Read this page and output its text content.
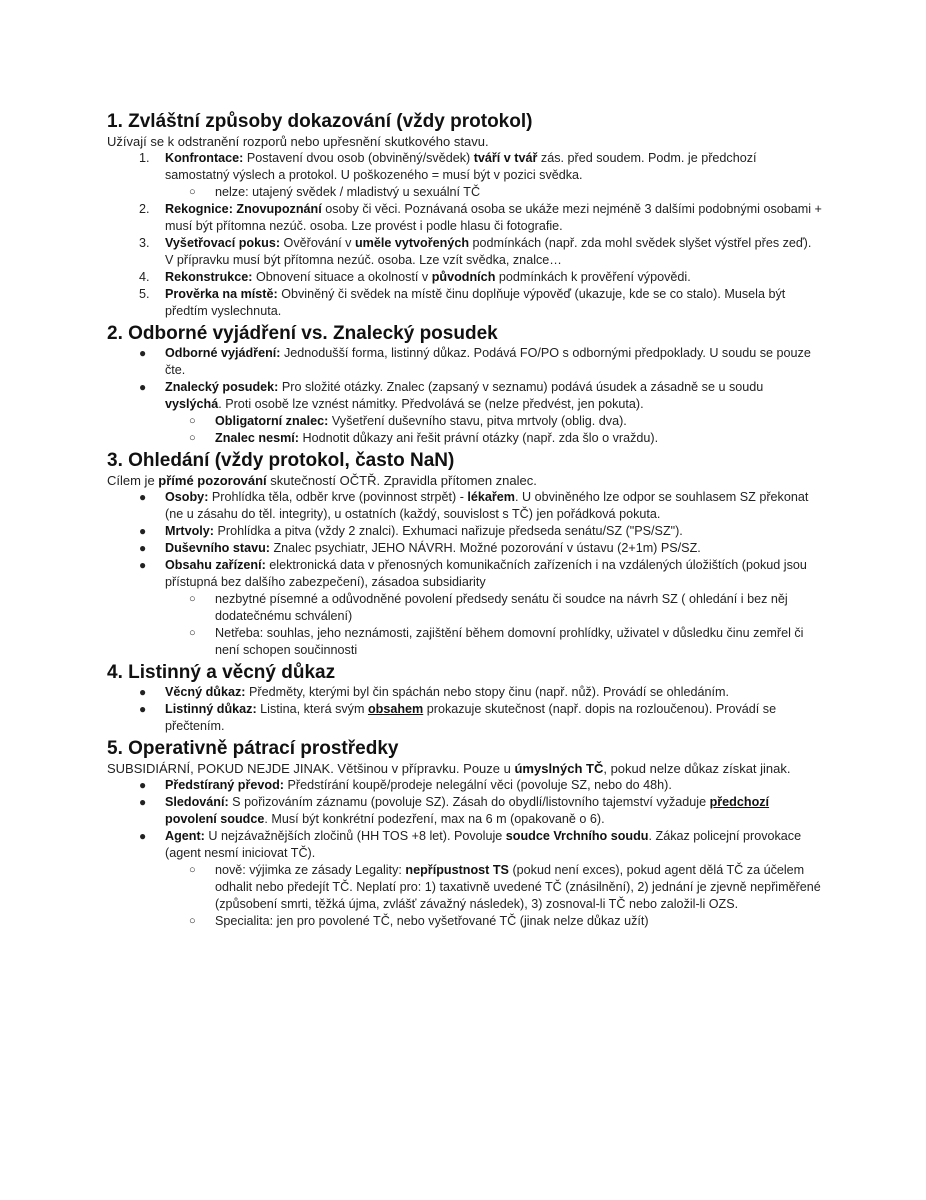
1. Zvláštní způsoby dokazování (vždy protokol)

Užívají se k odstranění rozporů nebo upřesnění skutkového stavu.

1.	Konfrontace: Postavení dvou osob (obviněný/svědek) tváří v tvář zás. před soudem. Podm. je předchozí samostatný výslech a protokol. U poškozeného = musí být v pozici svědka.
○ nelze: utajený svědek / mladistvý u sexuální TČ
2.	Rekognice: Znovupoznání osoby či věci. Poznávaná osoba se ukáže mezi nejméně 3 dalšími podobnými osobami + musí být přítomna nezúč. osoba. Lze provést i podle hlasu či fotografie.
3.	Vyšetřovací pokus: Ověřování v uměle vytvořených podmínkách (např. zda mohl svědek slyšet výstřel přes zeď). V přípravku musí být přítomna nezúč. osoba. Lze vzít svědka, znalce…
4.	Rekonstrukce: Obnovení situace a okolností v původních podmínkách k prověření výpovědi.
5.	Prověrka na místě: Obviněný či svědek na místě činu doplňuje výpověď (ukazuje, kde se co stalo). Musela být předtím vyslechnuta.
2. Odborné vyjádření vs. Znalecký posudek
● Odborné vyjádření: Jednodušší forma, listinný důkaz. Podává FO/PO s odbornými předpoklady. U soudu se pouze čte.
● Znalecký posudek: Pro složité otázky. Znalec (zapsaný v seznamu) podává úsudek a zásadně se u soudu vyslýchá. Proti osobě lze vznést námitky. Předvolává se (nelze předvést, jen pokuta).
○ Obligatorní znalec: Vyšetření duševního stavu, pitva mrtvoly (oblig. dva).
○ Znalec nesmí: Hodnotit důkazy ani řešit právní otázky (např. zda šlo o vraždu).
3. Ohledání (vždy protokol, často NaN)

Cílem je přímé pozorování skutečností OČTŘ. Zpravidla přítomen znalec.

● Osoby: Prohlídka těla, odběr krve (povinnost strpět) - lékařem. U obviněného lze odpor se souhlasem SZ překonat (ne u zásahu do těl. integrity), u ostatních (každý, souvislost s TČ) jen pořádková pokuta.
● Mrtvoly: Prohlídka a pitva (vždy 2 znalci). Exhumaci nařizuje předseda senátu/SZ ("PS/SZ").
● Duševního stavu: Znalec psychiatr, JEHO NÁVRH. Možné pozorování v ústavu (2+1m) PS/SZ.
● Obsahu zařízení: elektronická data v přenosných komunikačních zařízeních i na vzdálených úložištích (pokud jsou přístupná bez dalšího zabezpečení), zásadoa subsidiarity
○ nezbytné písemné a odůvodněné povolení předsedy senátu či soudce na návrh SZ ( ohledání i bez něj dodatečnému schválení)
○ Netřeba: souhlas, jeho neznámosti, zajištění během domovní prohlídky, uživatel v důsledku činu zemřel či není schopen součinnosti
4. Listinný a věcný důkaz
● Věcný důkaz: Předměty, kterými byl čin spáchán nebo stopy činu (např. nůž). Provádí se ohledáním.
● Listinný důkaz: Listina, která svým obsahem prokazuje skutečnost (např. dopis na rozloučenou). Provádí se přečtením.
5. Operativně pátrací prostředky

SUBSIDIÁRNÍ, POKUD NEJDE JINAK. Většinou v přípravku. Pouze u úmyslných TČ, pokud nelze důkaz získat jinak.

● Předstíraný převod: Předstírání koupě/prodeje nelegální věci (povoluje SZ, nebo do 48h).
● Sledování: S pořizováním záznamu (povoluje SZ). Zásah do obydlí/listovního tajemství vyžaduje předchozí povolení soudce. Musí být konkrétní podezření, max na 6 m (opakovaně o 6).
● Agent: U nejzávažnějších zločinů (HH TOS +8 let). Povoluje soudce Vrchního soudu. Zákaz policejní provokace (agent nesmí iniciovat TČ).
○ nově: výjimka ze zásady Legality: nepřípustnost TS (pokud není exces), pokud agent dělá TČ za účelem odhalit nebo předejít TČ. Neplatí pro: 1) taxativně uvedené TČ (znásilnění), 2) jednání je zjevně nepřiměřené (způsobení smrti, těžká újma, zvlášť závažný následek), 3) zosnoval-li TČ nebo založil-li OZS.
○ Specialita: jen pro povolené TČ, nebo vyšetřované TČ (jinak nelze důkaz užít)
